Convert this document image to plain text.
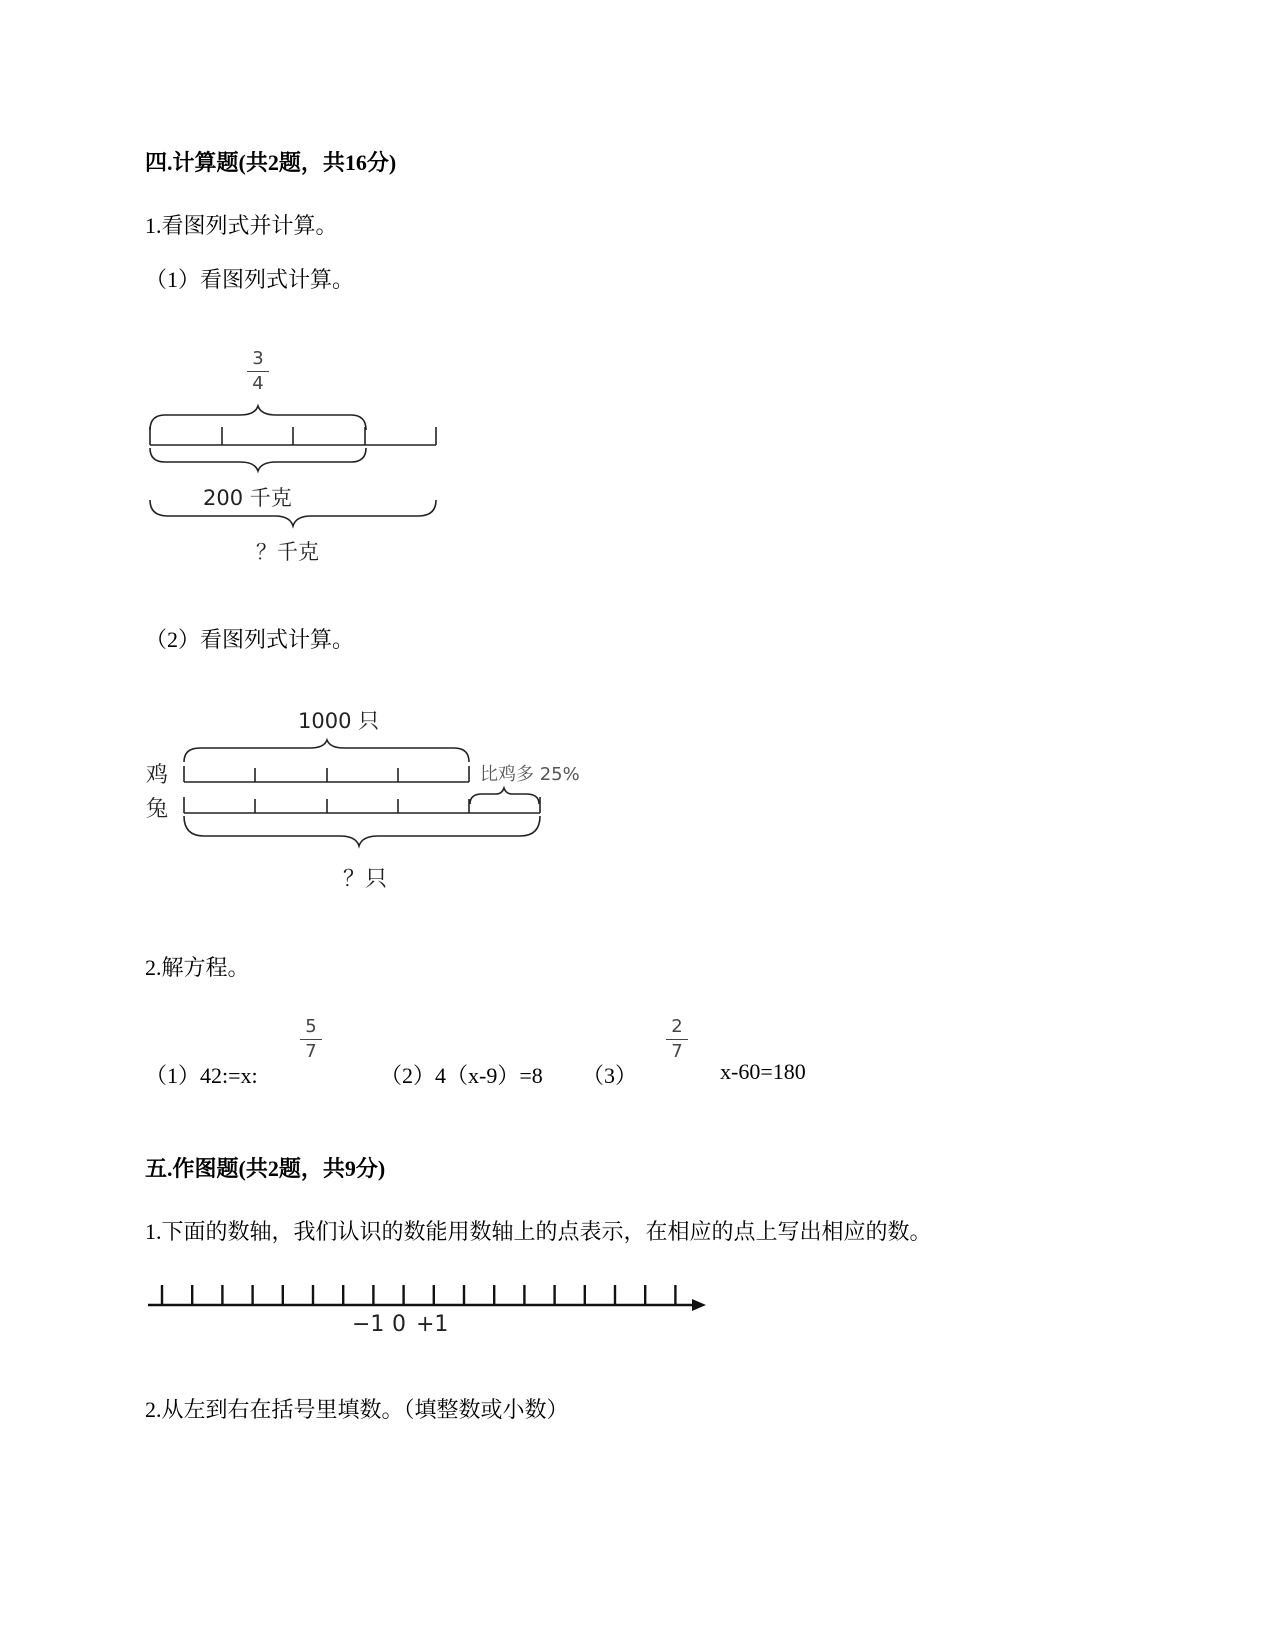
四.计算题(共2题，共16分)
1.看图列式并计算。
（1）看图列式计算。
200 千克
？千克
3
4
（2）看图列式计算。
1000 只
鸡
兔
比鸡多 25%
？只
2.解方程。
（1）42:=x:
5
7
（2）4（x-9）=8 （3）
2
7
x-60=180
五.作图题(共2题，共9分)
1.下面的数轴，我们认识的数能用数轴上的点表示，在相应的点上写出相应的数。
−1 0 +1
2.从左到右在括号里填数。（填整数或小数）
